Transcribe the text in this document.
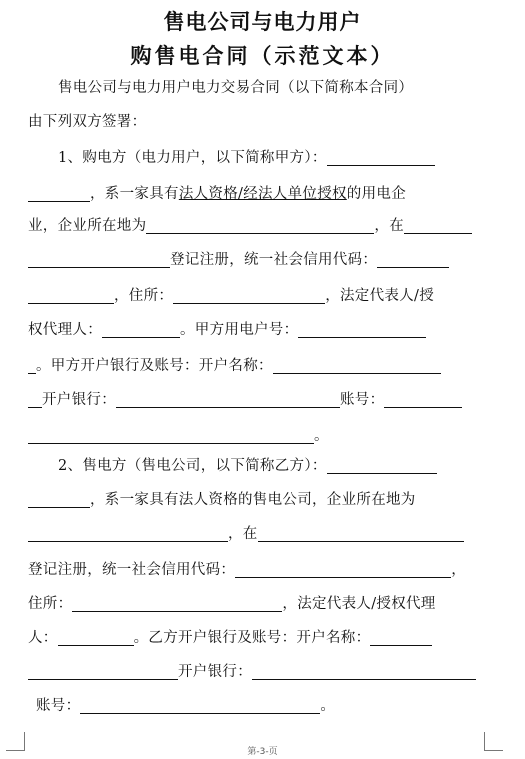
售电公司与电力用户
购售电合同（示范文本）
售电公司与电力用户电力交易合同（以下简称本合同）
由下列双方签署：
1、购电方（电力用户，以下简称甲方）：
，系一家具有法人资格/经法人单位授权的用电企
业，企业所在地为	，在
登记注册，统一社会信用代码：
，住所：	，法定代表人/授
权代理人：	。甲方用电户号：
。甲方开户银行及账号：开户名称：
开户银行：	账号：
。
2、售电方（售电公司，以下简称乙方）：
，系一家具有法人资格的售电公司，企业所在地为
，在
登记注册，统一社会信用代码：	，
住所：	，法定代表人/授权代理
人：	。乙方开户银行及账号：开户名称：
开户银行：
账号：	。
第-3-页
